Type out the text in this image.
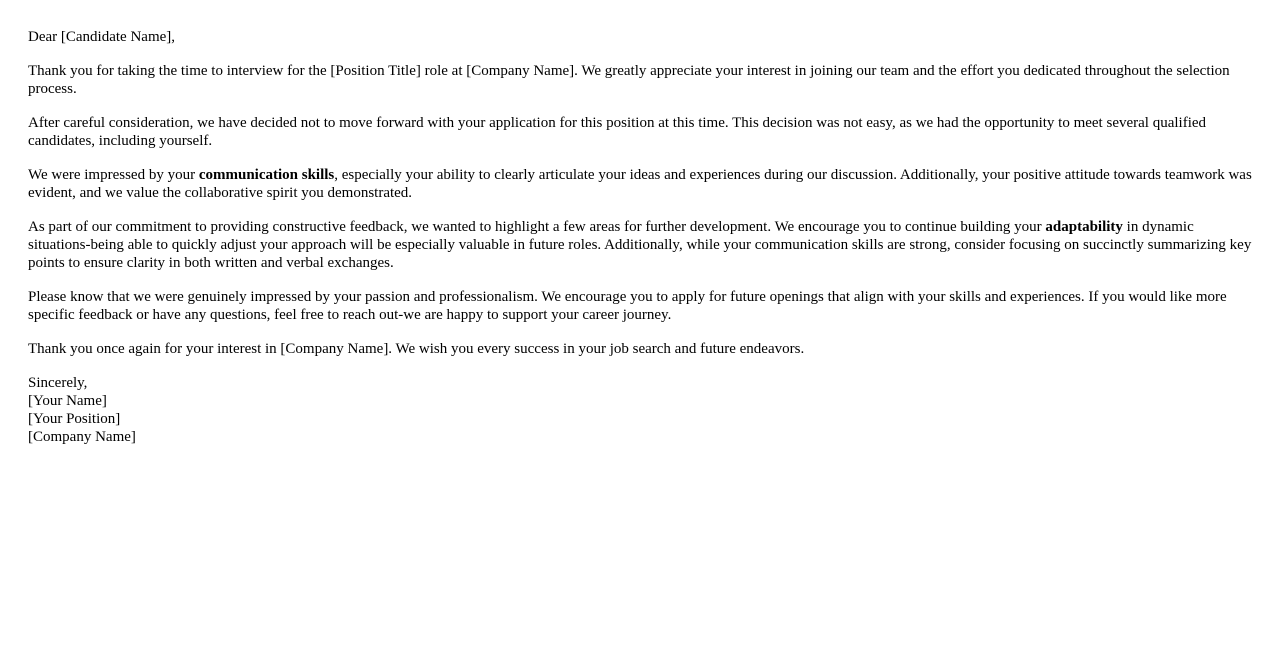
Dear [Candidate Name],

Thank you for taking the time to interview for the [Position Title] role at [Company Name]. We greatly appreciate your interest in joining our team and the effort you dedicated throughout the selection process.

After careful consideration, we have decided not to move forward with your application for this position at this time. This decision was not easy, as we had the opportunity to meet several qualified candidates, including yourself.

We were impressed by your communication skills, especially your ability to clearly articulate your ideas and experiences during our discussion. Additionally, your positive attitude towards teamwork was evident, and we value the collaborative spirit you demonstrated.

As part of our commitment to providing constructive feedback, we wanted to highlight a few areas for further development. We encourage you to continue building your adaptability in dynamic situations-being able to quickly adjust your approach will be especially valuable in future roles. Additionally, while your communication skills are strong, consider focusing on succinctly summarizing key points to ensure clarity in both written and verbal exchanges.

Please know that we were genuinely impressed by your passion and professionalism. We encourage you to apply for future openings that align with your skills and experiences. If you would like more specific feedback or have any questions, feel free to reach out-we are happy to support your career journey.

Thank you once again for your interest in [Company Name]. We wish you every success in your job search and future endeavors.

Sincerely,
[Your Name]
[Your Position]
[Company Name]
